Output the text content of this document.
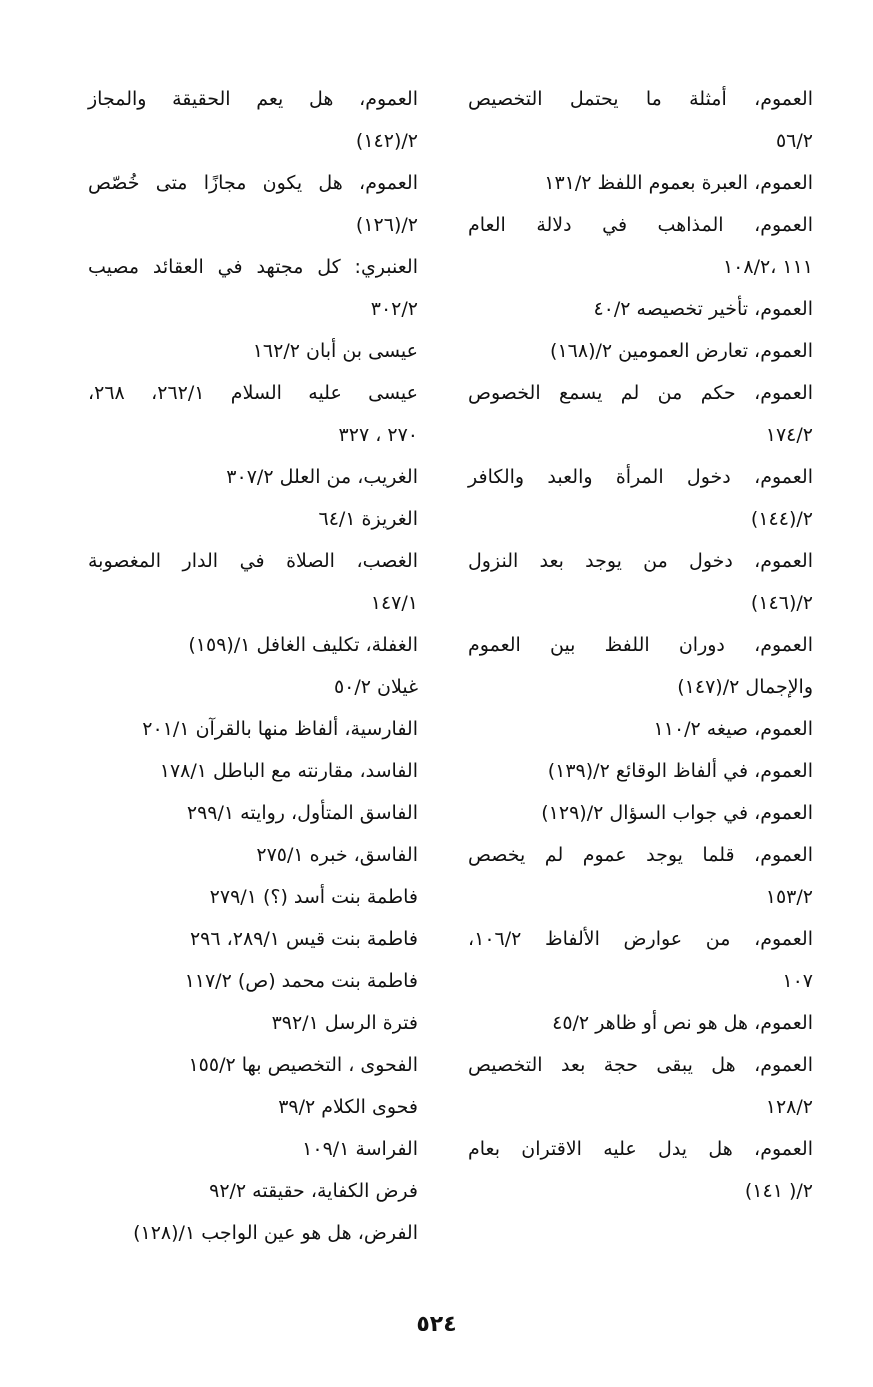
العموم، أمثلة ما يحتمل التخصيص
٥٦/٢
العموم، العبرة بعموم اللفظ ١٣١/٢
العموم، المذاهب في دلالة العام
١١١ ،١٠٨/٢
العموم، تأخير تخصيصه ٤٠/٢
العموم، تعارض العمومين ٢/(١٦٨)
العموم، حكم من لم يسمع الخصوص
١٧٤/٢
العموم، دخول المرأة والعبد والكافر
٢/(١٤٤)
العموم، دخول من يوجد بعد النزول
٢/(١٤٦)
العموم، دوران اللفظ بين العموم
والإجمال ٢/(١٤٧)
العموم، صيغه ١١٠/٢
العموم، في ألفاظ الوقائع ٢/(١٣٩)
العموم، في جواب السؤال ٢/(١٢٩)
العموم، قلما يوجد عموم لم يخصص
١٥٣/٢
العموم، من عوارض الألفاظ ١٠٦/٢،
١٠٧
العموم، هل هو نص أو ظاهر ٤٥/٢
العموم، هل يبقى حجة بعد التخصيص
١٢٨/٢
العموم، هل يدل عليه الاقتران بعام
٢/( ١٤١)
العموم، هل يعم الحقيقة والمجاز
٢/(١٤٢)
العموم، هل يكون مجازًا متى خُصّص
٢/(١٢٦)
العنبري: كل مجتهد في العقائد مصيب
٣٠٢/٢
عيسى بن أبان ١٦٢/٢
عيسى عليه السلام ٢٦٢/١، ٢٦٨،
٢٧٠ ، ٣٢٧
الغريب، من العلل ٣٠٧/٢
الغريزة ٦٤/١
الغصب، الصلاة في الدار المغصوبة
١٤٧/١
الغفلة، تكليف الغافل ١/(١٥٩)
غيلان ٥٠/٢
الفارسية، ألفاظ منها بالقرآن ٢٠١/١
الفاسد، مقارنته مع الباطل ١٧٨/١
الفاسق المتأول، روايته ٢٩٩/١
الفاسق، خبره ٢٧٥/١
فاطمة بنت أسد (؟) ٢٧٩/١
فاطمة بنت قيس ٢٨٩/١، ٢٩٦
فاطمة بنت محمد (ص) ١١٧/٢
فترة الرسل ٣٩٢/١
الفحوى ، التخصيص بها ١٥٥/٢
فحوى الكلام ٣٩/٢
الفراسة ١٠٩/١
فرض الكفاية، حقيقته ٩٢/٢
الفرض، هل هو عين الواجب ١/(١٢٨)
٥٢٤
